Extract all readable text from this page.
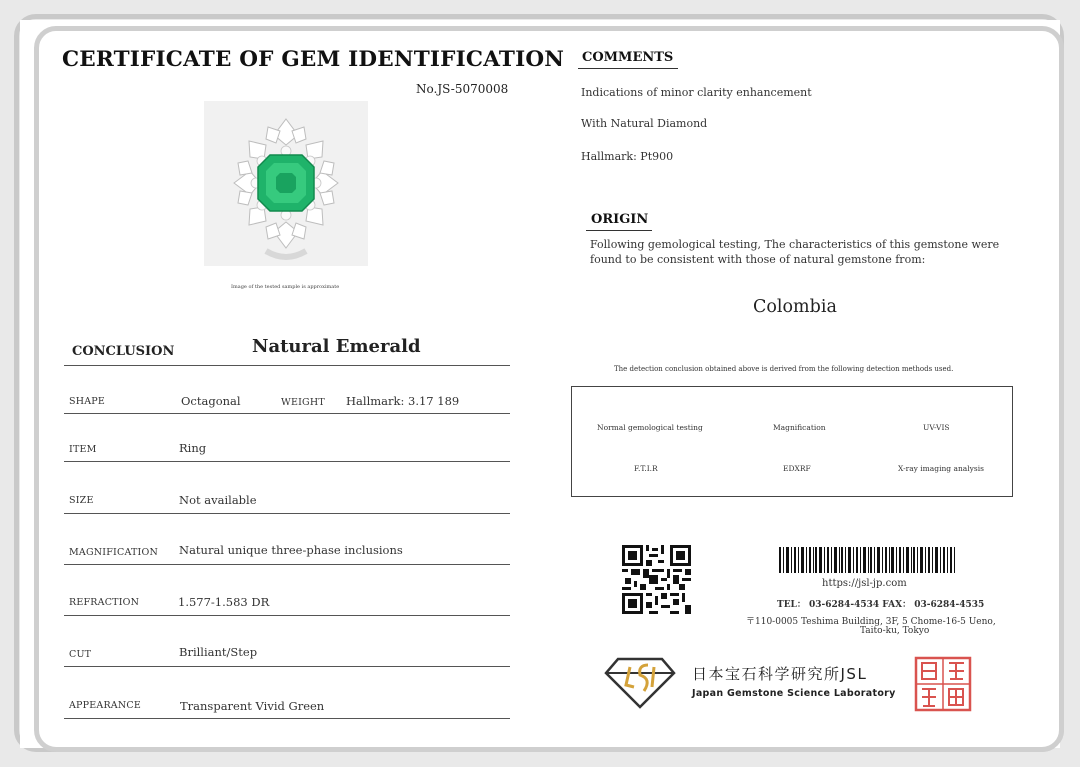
CERTIFICATE OF GEM IDENTIFICATION
No.JS-5070008
Image of the tested sample is approximate
CONCLUSION	Natural Emerald
SHAPE	Octagonal	WEIGHT Hallmark: 3.17 189
ITEM	Ring
SIZE	Not available
MAGNIFICATION Natural unique three-phase inclusions
REFRACTION	1.577-1.583 DR
CUT	Brilliant/Step
APPEARANCE	Transparent Vivid Green
COMMENTS
Indications of minor clarity enhancement
With Natural Diamond
Hallmark: Pt900
ORIGIN
Following gemological testing, The characteristics of this gemstone were
found to be consistent with those of natural gemstone from:
Colombia
The detection conclusion obtained above is derived from the following detection methods used.
Normal gemological testing	Magnification	UV-VIS
F.T.I.R	EDXRF	X-ray imaging analysis
https://jsl-jp.com
TEL： 03-6284-4534 FAX： 03-6284-4535
〒110-0005 Teshima Building, 3F, 5 Chome-16-5 Ueno,
Taito-ku, Tokyo
日本宝石科学研究所JSL
Japan Gemstone Science Laboratory
